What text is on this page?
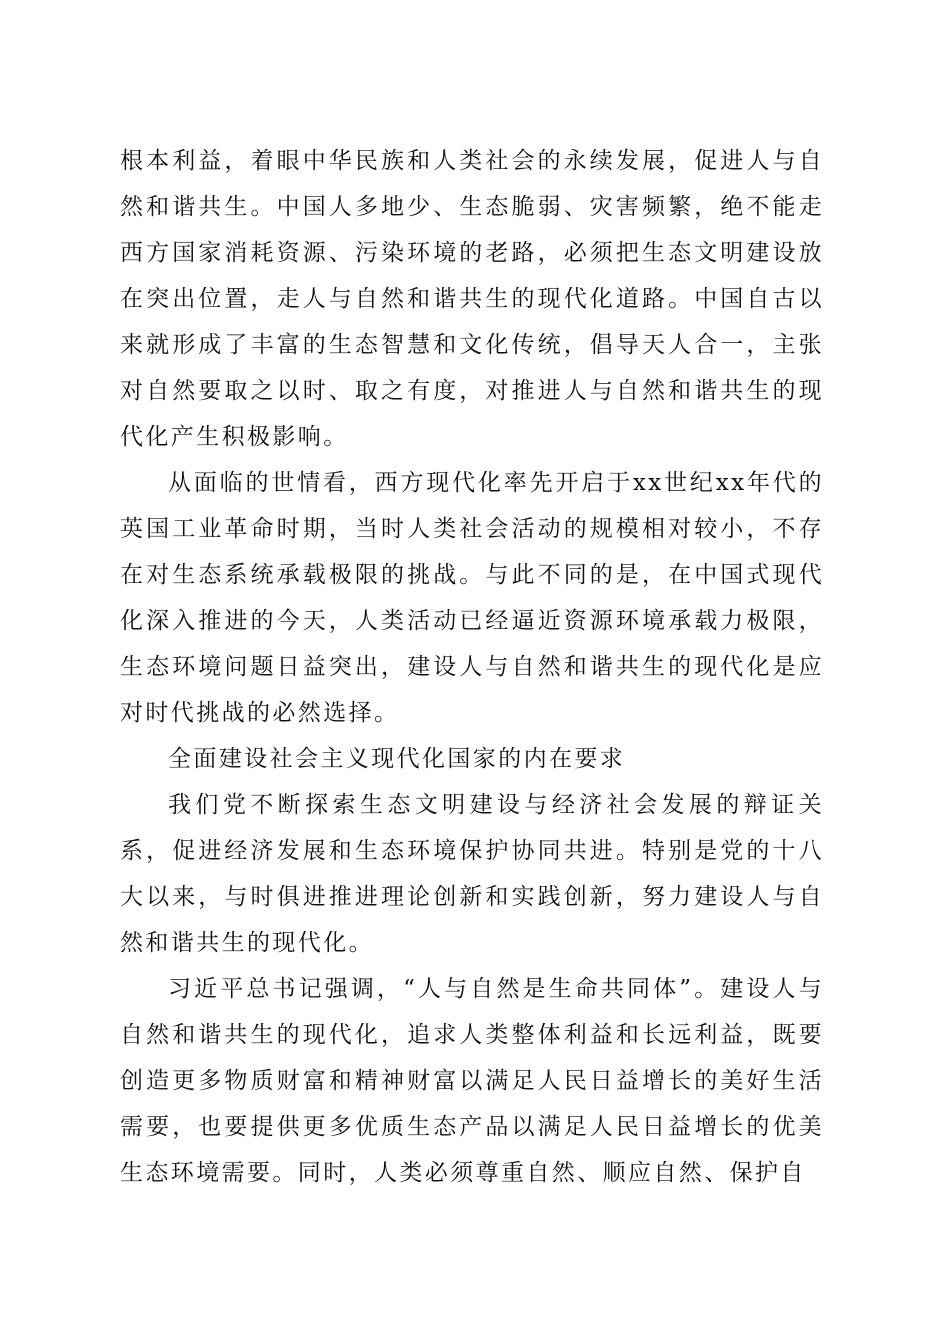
根本利益，着眼中华民族和人类社会的永续发展，促进人与自然和谐共生。中国人多地少、生态脆弱、灾害频繁，绝不能走西方国家消耗资源、污染环境的老路，必须把生态文明建设放在突出位置，走人与自然和谐共生的现代化道路。中国自古以来就形成了丰富的生态智慧和文化传统，倡导天人合一，主张对自然要取之以时、取之有度，对推进人与自然和谐共生的现代化产生积极影响。

从面临的世情看，西方现代化率先开启于xx世纪xx年代的英国工业革命时期，当时人类社会活动的规模相对较小，不存在对生态系统承载极限的挑战。与此不同的是，在中国式现代化深入推进的今天，人类活动已经逼近资源环境承载力极限，生态环境问题日益突出，建设人与自然和谐共生的现代化是应对时代挑战的必然选择。

全面建设社会主义现代化国家的内在要求

我们党不断探索生态文明建设与经济社会发展的辩证关系，促进经济发展和生态环境保护协同共进。特别是党的十八大以来，与时俱进推进理论创新和实践创新，努力建设人与自然和谐共生的现代化。

习近平总书记强调，“人与自然是生命共同体”。建设人与自然和谐共生的现代化，追求人类整体利益和长远利益，既要创造更多物质财富和精神财富以满足人民日益增长的美好生活需要，也要提供更多优质生态产品以满足人民日益增长的优美生态环境需要。同时，人类必须尊重自然、顺应自然、保护自
